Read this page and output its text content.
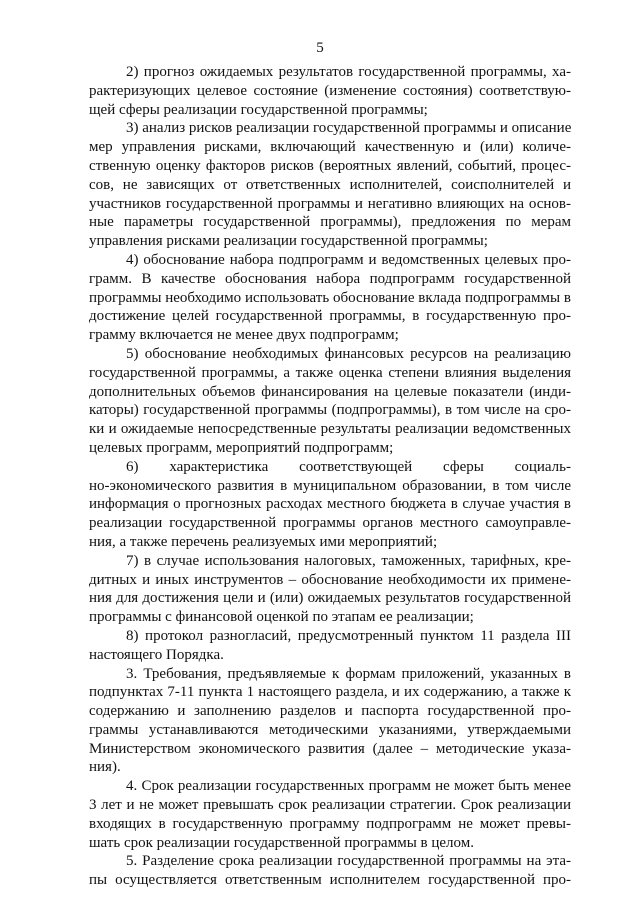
5
2) прогноз ожидаемых результатов государственной программы, ха-
рактеризующих целевое состояние (изменение состояния) соответствую-
щей сферы реализации государственной программы;
3) анализ рисков реализации государственной программы и описание
мер управления рисками, включающий качественную и (или) количе-
ственную оценку факторов рисков (вероятных явлений, событий, процес-
сов, не зависящих от ответственных исполнителей, соисполнителей и
участников государственной программы и негативно влияющих на основ-
ные параметры государственной программы), предложения по мерам
управления рисками реализации государственной программы;
4) обоснование набора подпрограмм и ведомственных целевых про-
грамм. В качестве обоснования набора подпрограмм государственной
программы необходимо использовать обоснование вклада подпрограммы в
достижение целей государственной программы, в государственную про-
грамму включается не менее двух подпрограмм;
5) обоснование необходимых финансовых ресурсов на реализацию
государственной программы, а также оценка степени влияния выделения
дополнительных объемов финансирования на целевые показатели (инди-
каторы) государственной программы (подпрограммы), в том числе на сро-
ки и ожидаемые непосредственные результаты реализации ведомственных
целевых программ, мероприятий подпрограмм;
6) характеристика соответствующей сферы социаль-
но-экономического развития в муниципальном образовании, в том числе
информация о прогнозных расходах местного бюджета в случае участия в
реализации государственной программы органов местного самоуправле-
ния, а также перечень реализуемых ими мероприятий;
7) в случае использования налоговых, таможенных, тарифных, кре-
дитных и иных инструментов – обоснование необходимости их примене-
ния для достижения цели и (или) ожидаемых результатов государственной
программы с финансовой оценкой по этапам ее реализации;
8) протокол разногласий, предусмотренный пунктом 11 раздела III
настоящего Порядка.
3. Требования, предъявляемые к формам приложений, указанных в
подпунктах 7-11 пункта 1 настоящего раздела, и их содержанию, а также к
содержанию и заполнению разделов и паспорта государственной про-
граммы устанавливаются методическими указаниями, утверждаемыми
Министерством экономического развития (далее – методические указа-
ния).
4. Срок реализации государственных программ не может быть менее
3 лет и не может превышать срок реализации стратегии. Срок реализации
входящих в государственную программу подпрограмм не может превы-
шать срок реализации государственной программы в целом.
5. Разделение срока реализации государственной программы на эта-
пы осуществляется ответственным исполнителем государственной про-
